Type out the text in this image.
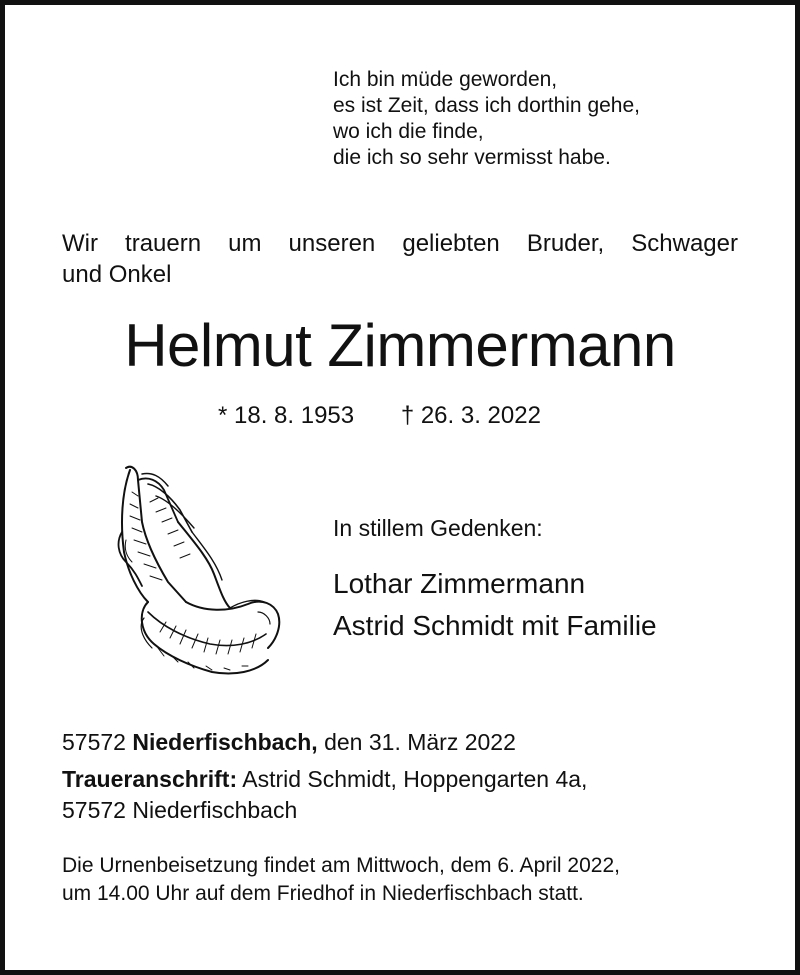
Ich bin müde geworden,
es ist Zeit, dass ich dorthin gehe,
wo ich die finde,
die ich so sehr vermisst habe.
Wir trauern um unseren geliebten Bruder, Schwager
und Onkel
Helmut Zimmermann
* 18. 8. 1953 † 26. 3. 2022
In stillem Gedenken:
Lothar Zimmermann
Astrid Schmidt mit Familie
57572 Niederfischbach, den 31. März 2022
Traueranschrift: Astrid Schmidt, Hoppengarten 4a,
57572 Niederfischbach
Die Urnenbeisetzung findet am Mittwoch, dem 6. April 2022,
um 14.00 Uhr auf dem Friedhof in Niederfischbach statt.
